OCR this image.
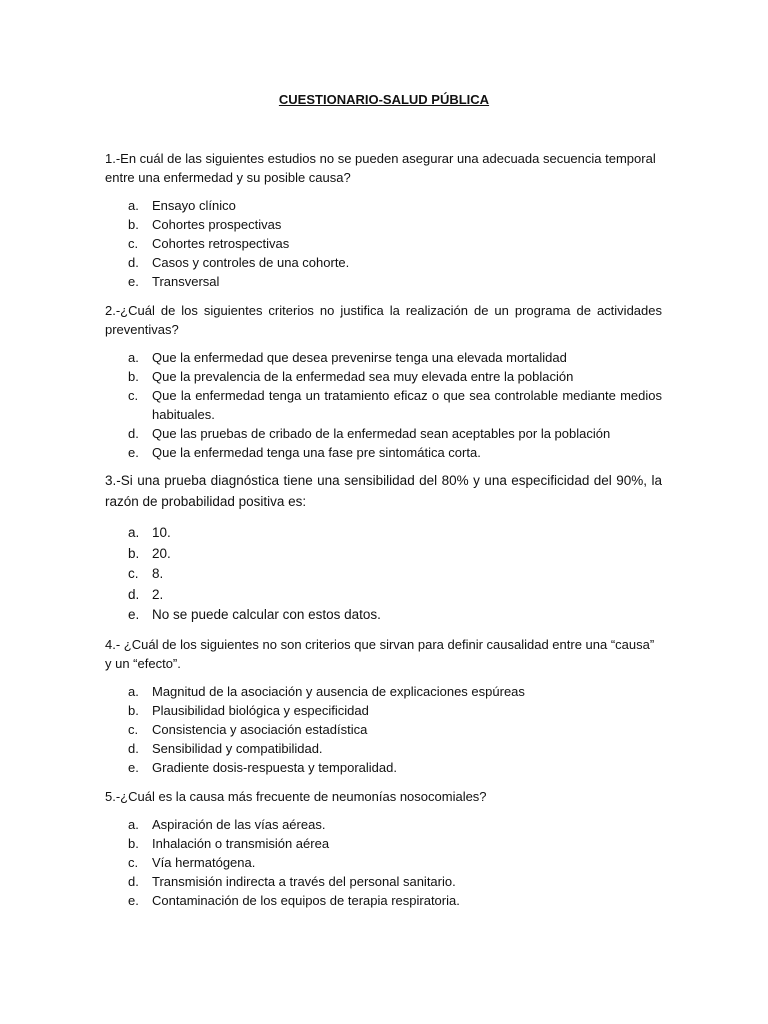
CUESTIONARIO-SALUD PÚBLICA

1.-En cuál de las siguientes estudios no se pueden asegurar una adecuada secuencia temporal entre una enfermedad y su posible causa?

a. Ensayo clínico
b. Cohortes prospectivas
c. Cohortes retrospectivas
d. Casos y controles de una cohorte.
e. Transversal

2.-¿Cuál de los siguientes criterios no justifica la realización de un programa de actividades preventivas?

a. Que la enfermedad que desea prevenirse tenga una elevada mortalidad
b. Que la prevalencia de la enfermedad sea muy elevada entre la población
c. Que la enfermedad tenga un tratamiento eficaz o que sea controlable mediante medios habituales.
d. Que las pruebas de cribado de la enfermedad sean aceptables por la población
e. Que la enfermedad tenga una fase pre sintomática corta.

3.-Si una prueba diagnóstica tiene una sensibilidad del 80% y una especificidad del 90%, la razón de probabilidad positiva es:

a. 10.
b. 20.
c. 8.
d. 2.
e. No se puede calcular con estos datos.

4.- ¿Cuál de los siguientes no son criterios que sirvan para definir causalidad entre una “causa” y un “efecto”.

a. Magnitud de la asociación y ausencia de explicaciones espúreas
b. Plausibilidad biológica y especificidad
c. Consistencia y asociación estadística
d. Sensibilidad y compatibilidad.
e. Gradiente dosis-respuesta y temporalidad.

5.-¿Cuál es la causa más frecuente de neumonías nosocomiales?

a. Aspiración de las vías aéreas.
b. Inhalación o transmisión aérea
c. Vía hermatógena.
d. Transmisión indirecta a través del personal sanitario.
e. Contaminación de los equipos de terapia respiratoria.
